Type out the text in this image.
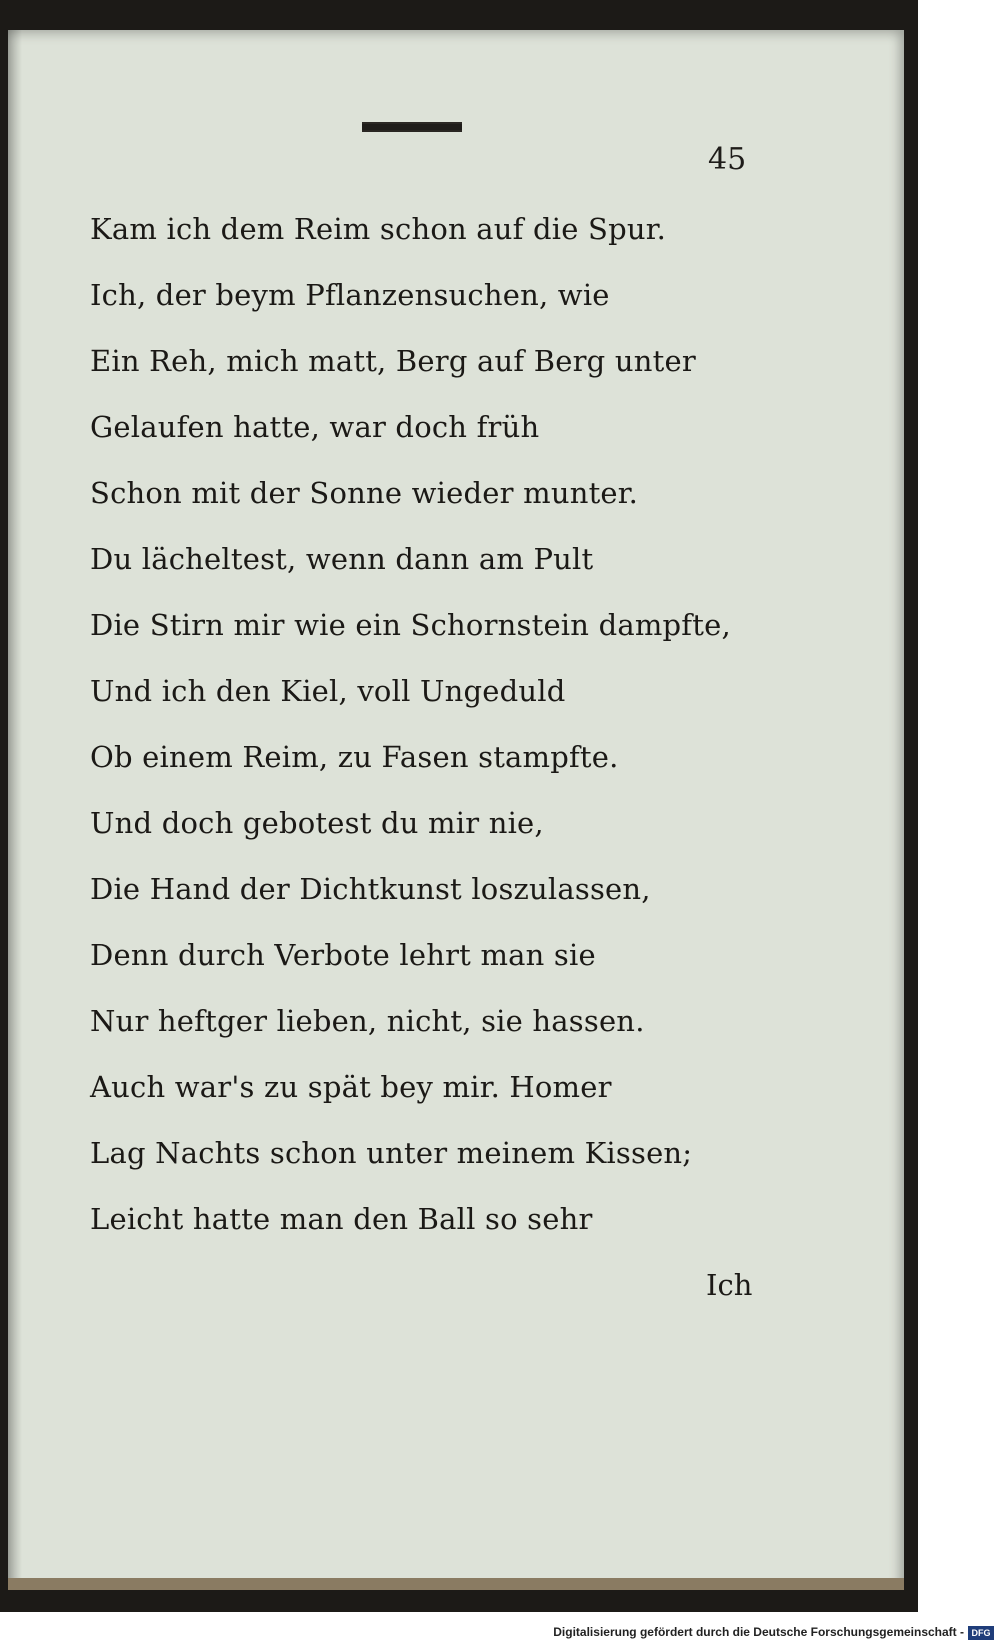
45
Kam ich dem Reim schon auf die Spur.
Ich, der beym Pflanzensuchen, wie
Ein Reh, mich matt, Berg auf Berg unter
Gelaufen hatte, war doch früh
Schon mit der Sonne wieder munter.
Du lächeltest, wenn dann am Pult
Die Stirn mir wie ein Schornstein dampfte,
Und ich den Kiel, voll Ungeduld
Ob einem Reim, zu Fasen stampfte.
Und doch gebotest du mir nie,
Die Hand der Dichtkunst loszulassen,
Denn durch Verbote lehrt man sie
Nur heftger lieben, nicht, sie hassen.
Auch war's zu spät bey mir. Homer
Lag Nachts schon unter meinem Kissen;
Leicht hatte man den Ball so sehr
Ich
Digitalisierung gefördert durch die Deutsche Forschungsgemeinschaft - DFG
